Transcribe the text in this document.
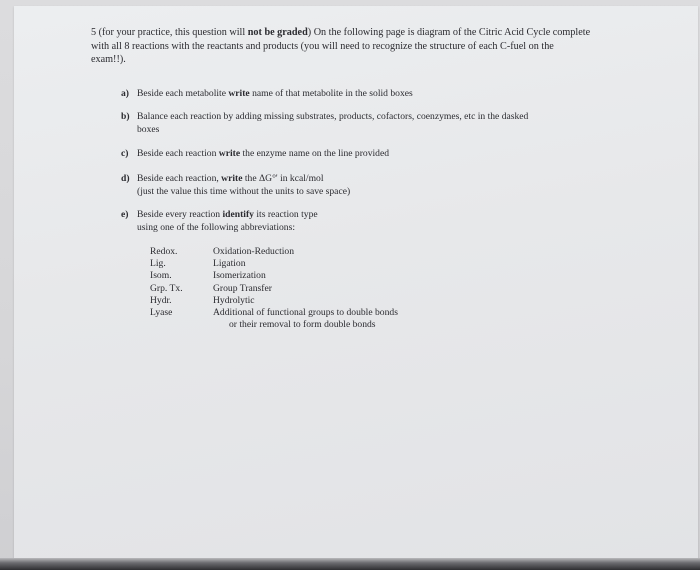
5 (for your practice, this question will not be graded) On the following page is diagram of the Citric Acid Cycle complete with all 8 reactions with the reactants and products (you will need to recognize the structure of each C-fuel on the exam!!).
a) Beside each metabolite write name of that metabolite in the solid boxes
b) Balance each reaction by adding missing substrates, products, cofactors, coenzymes, etc in the dasked
boxes
c) Beside each reaction write the enzyme name on the line provided
d) Beside each reaction, write the ΔG°' in kcal/mol
(just the value this time without the units to save space)
e) Beside every reaction identify its reaction type
using one of the following abbreviations:
Redox.	Oxidation-Reduction
Lig.	Ligation
Isom.	Isomerization
Grp. Tx.	Group Transfer
Hydr.	Hydrolytic
Lyase	Additional of functional groups to double bonds
or their removal to form double bonds
